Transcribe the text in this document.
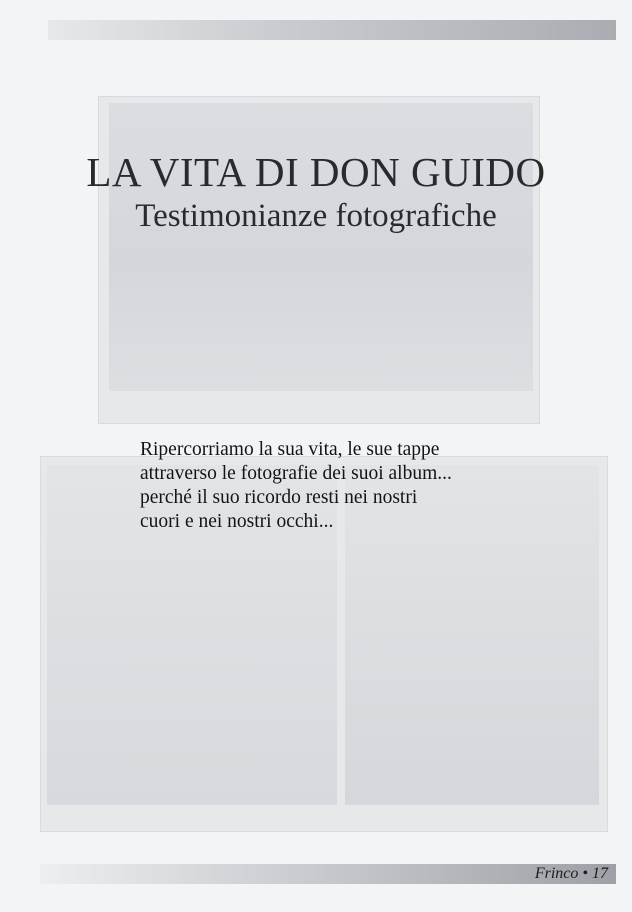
LA VITA DI DON GUIDO
Testimonianze fotografiche
Ripercorriamo la sua vita, le sue tappe
attraverso le fotografie dei suoi album...
perché il suo ricordo resti nei nostri
cuori e nei nostri occhi...
Frinco • 17
